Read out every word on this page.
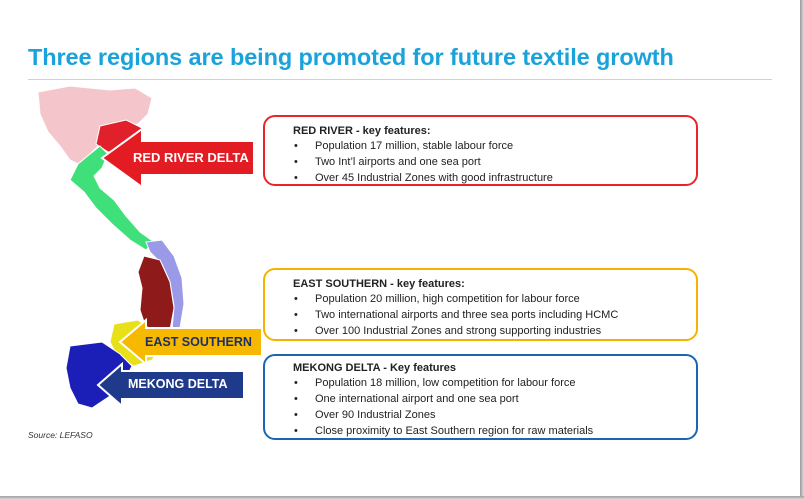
Three regions are being promoted for future textile growth
RED RIVER DELTA
EAST SOUTHERN
MEKONG DELTA
RED RIVER - key features:
• Population 17 million, stable labour force
• Two Int’l airports and one sea port
• Over 45 Industrial Zones with good infrastructure
EAST SOUTHERN - key features:
• Population 20 million, high competition for labour force
• Two international airports and three sea ports including HCMC
• Over 100 Industrial Zones and strong supporting industries
MEKONG DELTA - Key features
• Population 18 million, low competition for labour force
• One international airport and one sea port
• Over 90 Industrial Zones
• Close proximity to East Southern region for raw materials
Source: LEFASO
